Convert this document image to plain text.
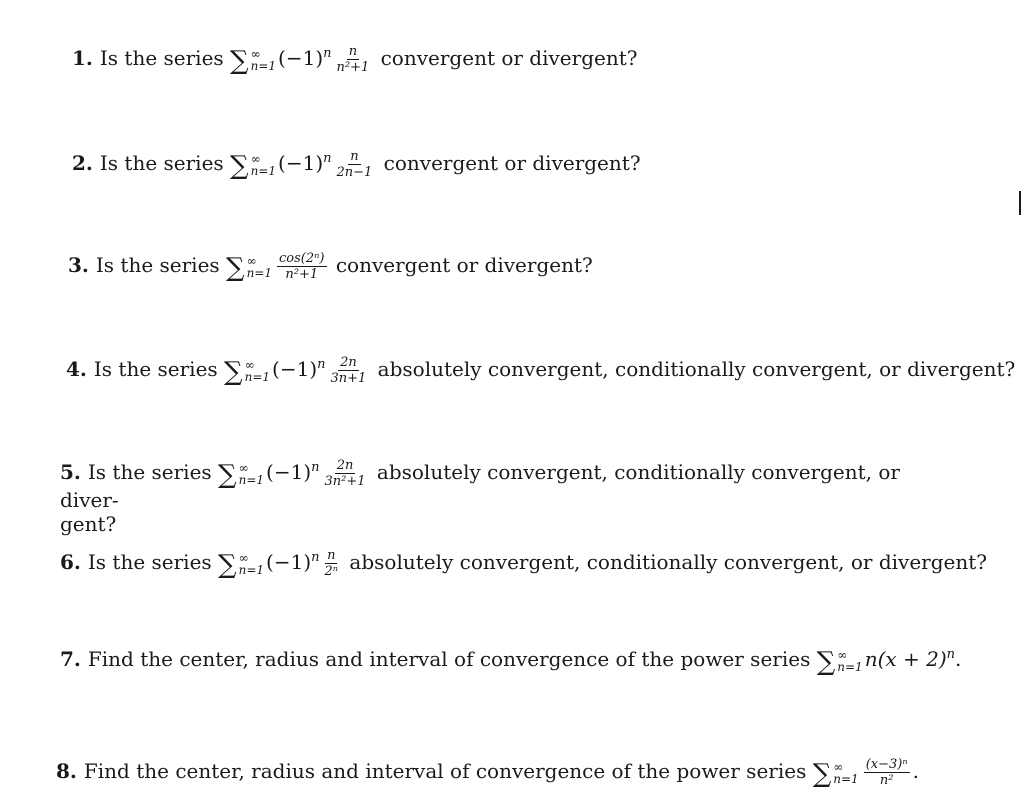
1. Is the series ∑ ∞
n=1 $(-1)^n \frac{n}{\text{n²+1}}$ convergent or divergent?
2. Is the series ∑ ∞
n=1 $(-1)^n \frac{n}{2n-1}$ convergent or divergent?
3. Is the series ∑ ∞
$n=1 \frac{\text{cos(2ⁿ)}}{\text{n²+1}}$ convergent or divergent?
4. Is the series ∑ ∞
n=1 $(-1)^n \frac{2n}{3n+1}$ absolutely convergent, conditionally convergent, or divergent?
5. Is the series ∑ ∞
n=1 $(-1)^n \frac{2n}{\text{3n²+1}}$ absolutely convergent, conditionally convergent, or diver-
gent?
6. Is the series ∑ ∞
n=1 $(-1)^n \frac{n}{\text{2ⁿ}}$ absolutely convergent, conditionally convergent, or divergent?
7. Find the center, radius and interval of convergence of the power series ∑ ∞
n=1 $n(x + 2)^n$.
8. Find the center, radius and interval of convergence of the power series ∑ ∞
$n=1 \frac{\text{(x−3)ⁿ}}{\text{n²}}$ .
